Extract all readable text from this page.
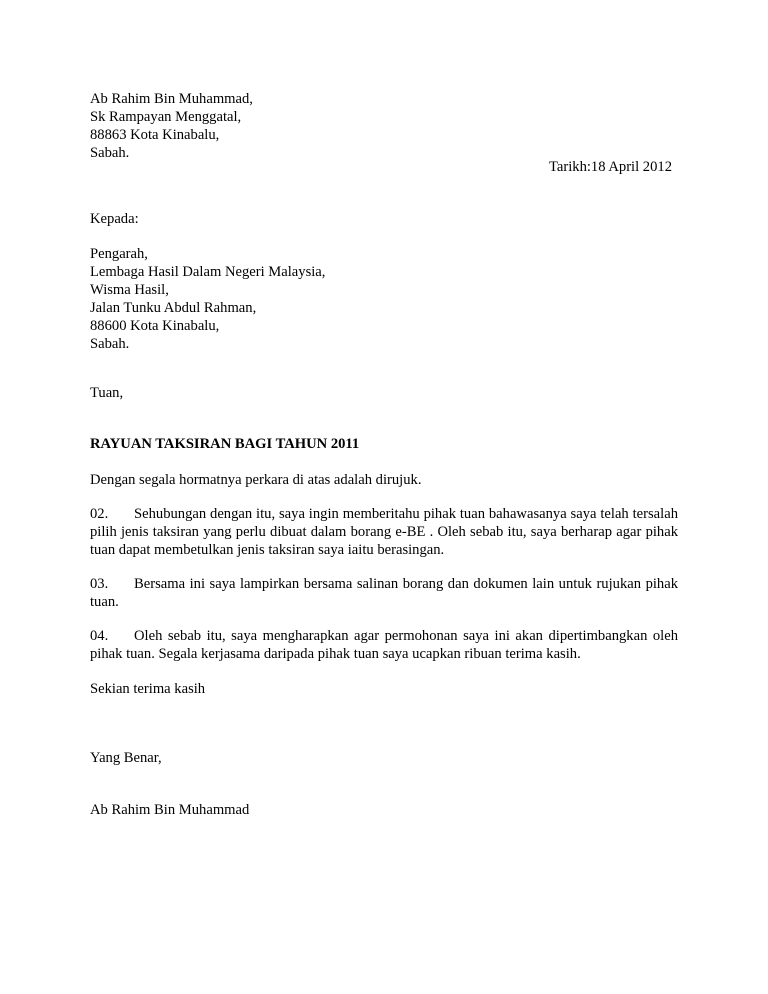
Ab Rahim Bin Muhammad,
Sk Rampayan Menggatal,
88863 Kota Kinabalu,
Sabah.
Tarikh:18 April 2012
Kepada:
Pengarah,
Lembaga Hasil Dalam Negeri Malaysia,
Wisma Hasil,
Jalan Tunku Abdul Rahman,
88600 Kota Kinabalu,
Sabah.
Tuan,
RAYUAN TAKSIRAN BAGI TAHUN 2011
Dengan segala hormatnya perkara di atas adalah dirujuk.
02. Sehubungan dengan itu, saya ingin memberitahu pihak tuan bahawasanya saya telah tersalah pilih jenis taksiran yang perlu dibuat dalam borang e-BE . Oleh sebab itu, saya berharap agar pihak tuan dapat membetulkan jenis taksiran saya iaitu berasingan.
03. Bersama ini saya lampirkan bersama salinan borang dan dokumen lain untuk rujukan pihak tuan.
04. Oleh sebab itu, saya mengharapkan agar permohonan saya ini akan dipertimbangkan oleh pihak tuan. Segala kerjasama daripada pihak tuan saya ucapkan ribuan terima kasih.
Sekian terima kasih
Yang Benar,
Ab Rahim Bin Muhammad
